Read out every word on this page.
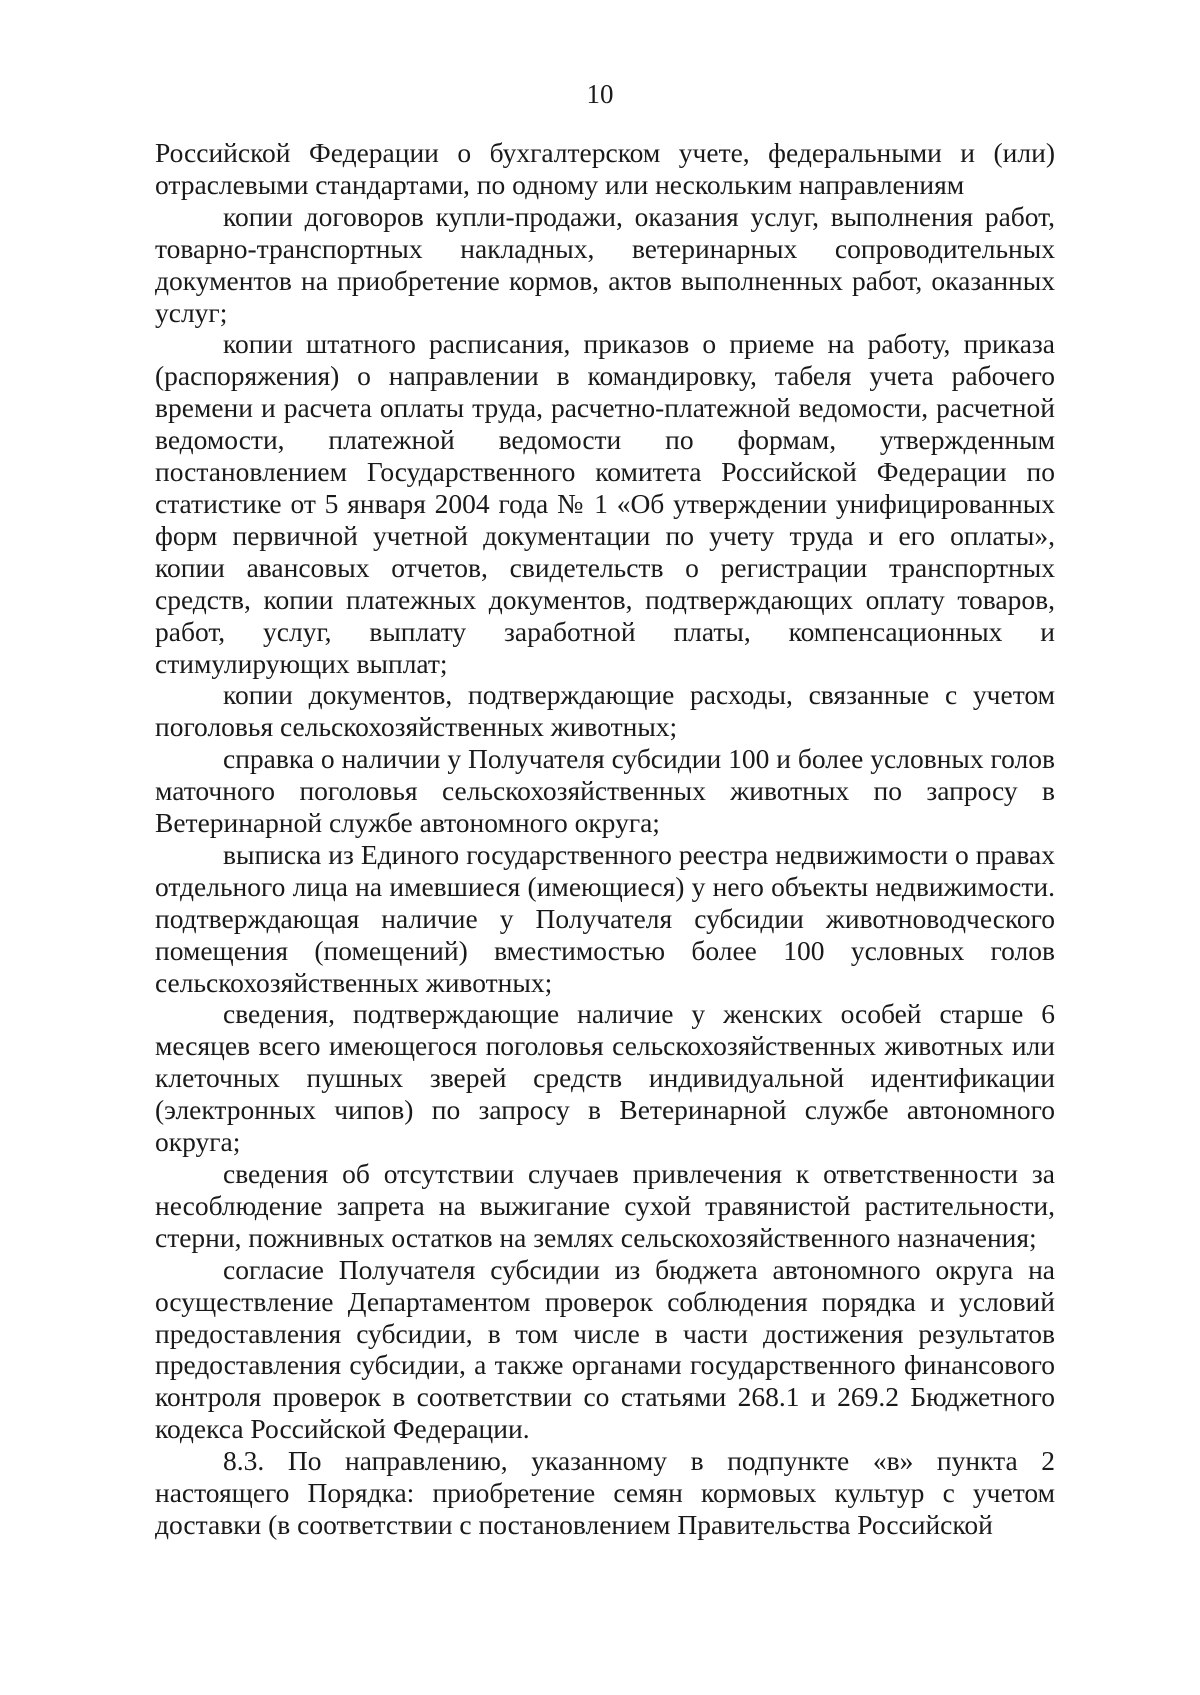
10

Российской Федерации о бухгалтерском учете, федеральными и (или) отраслевыми стандартами, по одному или нескольким направлениям

копии договоров купли-продажи, оказания услуг, выполнения работ, товарно-транспортных накладных, ветеринарных сопроводительных документов на приобретение кормов, актов выполненных работ, оказанных услуг;

копии штатного расписания, приказов о приеме на работу, приказа (распоряжения) о направлении в командировку, табеля учета рабочего времени и расчета оплаты труда, расчетно-платежной ведомости, расчетной ведомости, платежной ведомости по формам, утвержденным постановлением Государственного комитета Российской Федерации по статистике от 5 января 2004 года № 1 «Об утверждении унифицированных форм первичной учетной документации по учету труда и его оплаты», копии авансовых отчетов, свидетельств о регистрации транспортных средств, копии платежных документов, подтверждающих оплату товаров, работ, услуг, выплату заработной платы, компенсационных и стимулирующих выплат;

копии документов, подтверждающие расходы, связанные с учетом поголовья сельскохозяйственных животных;

справка о наличии у Получателя субсидии 100 и более условных голов маточного поголовья сельскохозяйственных животных по запросу в Ветеринарной службе автономного округа;

выписка из Единого государственного реестра недвижимости о правах отдельного лица на имевшиеся (имеющиеся) у него объекты недвижимости. подтверждающая наличие у Получателя субсидии животноводческого помещения (помещений) вместимостью более 100 условных голов сельскохозяйственных животных;

сведения, подтверждающие наличие у женских особей старше 6 месяцев всего имеющегося поголовья сельскохозяйственных животных или клеточных пушных зверей средств индивидуальной идентификации (электронных чипов) по запросу в Ветеринарной службе автономного округа;

сведения об отсутствии случаев привлечения к ответственности за несоблюдение запрета на выжигание сухой травянистой растительности, стерни, пожнивных остатков на землях сельскохозяйственного назначения;

согласие Получателя субсидии из бюджета автономного округа на осуществление Департаментом проверок соблюдения порядка и условий предоставления субсидии, в том числе в части достижения результатов предоставления субсидии, а также органами государственного финансового контроля проверок в соответствии со статьями 268.1 и 269.2 Бюджетного кодекса Российской Федерации.

8.3. По направлению, указанному в подпункте «в» пункта 2 настоящего Порядка: приобретение семян кормовых культур с учетом доставки (в соответствии с постановлением Правительства Российской
